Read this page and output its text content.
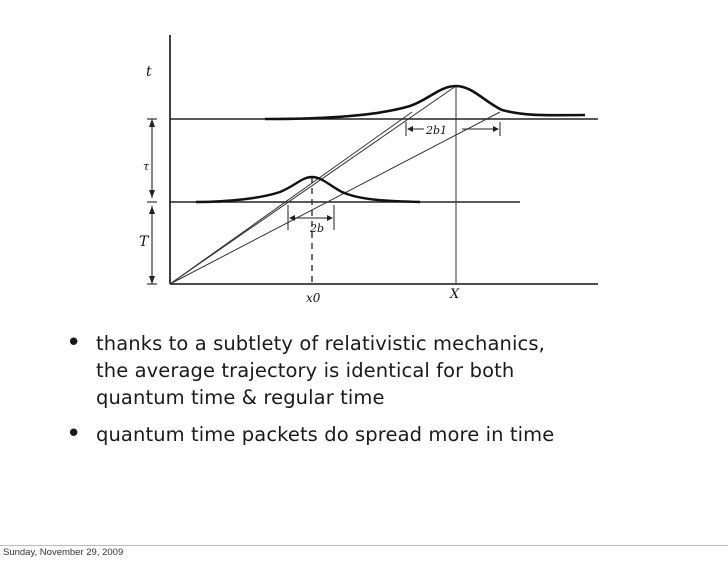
t
τ
T
2b1
2b
x0	X
• thanks to a subtlety of relativistic mechanics,
the average trajectory is identical for both
quantum time & regular time
• quantum time packets do spread more in time
Sunday, November 29, 2009
